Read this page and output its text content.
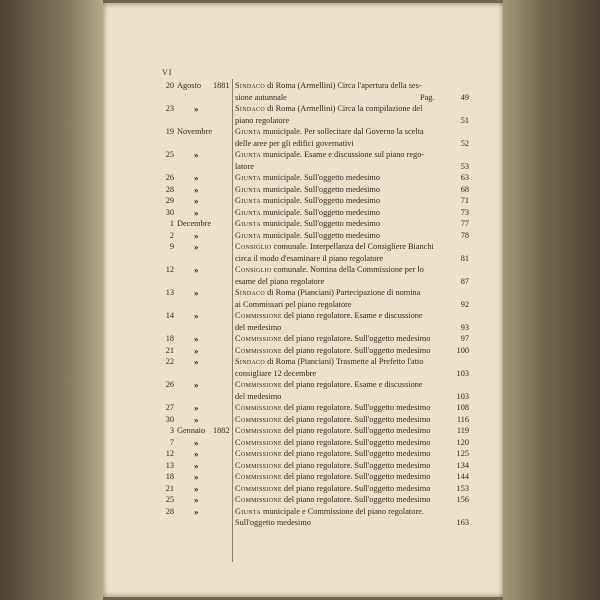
VI
20 Agosto 1881 Sindaco di Roma (Armellini) Circa l'apertura della ses-
sione autunnale	Pag.	49
23 »	Sindaco di Roma (Armellini) Circa la compilazione del
piano regolatore	51
19 Novembre	Giunta municipale. Per sollecitare dal Governo la scelta
delle aree per gli edifici governativi	52
25 »	Giunta municipale. Esame e discussione sul piano rego-
latore	53
26 »	Giunta municipale. Sull'oggetto medesimo	63
28 »	Giunta municipale. Sull'oggetto medesimo	68
29 »	Giunta municipale. Sull'oggetto medesimo	71
30 »	Giunta municipale. Sull'oggetto medesimo	73
1 Decembre	Giunta municipale. Sull'oggetto medesimo	77
2 »	Giunta municipale. Sull'oggetto medesimo	78
9 »	Consiglio comunale. Interpellanza del Consigliere Bianchi
circa il modo d'esaminare il piano regolatore	81
12 »	Consiglio comunale. Nomina della Commissione per lo
esame del piano regolatore	87
13 »	Sindaco di Roma (Pianciani) Partecipazione di nomina
ai Commissari pel piano regolatore	92
14 »	Commissione del piano regolatore. Esame e discussione
del medesimo	93
18 »	Commissione del piano regolatore. Sull'oggetto medesimo	97
21 »	Commissione del piano regolatore. Sull'oggetto medesimo	100
22 »	Sindaco di Roma (Pianciani) Trasmette al Prefetto l'atto
consigliare 12 decembre	103
26 »	Commissione del piano regolatore. Esame e discussione
del medesimo	103
27 »	Commissione del piano regolatore. Sull'oggetto medesimo	108
30 »	Commissione del piano regolatore. Sull'oggetto medesimo	116
3 Gennaio 1882 Commissione del piano regolatore. Sull'oggetto medesimo	119
7 »	Commissione del piano regolatore. Sull'oggetto medesimo	120
12 »	Commissione del piano regolatore. Sull'oggetto medesimo	125
13 »	Commissione del piano regolatore. Sull'oggetto medesimo	134
18 »	Commissione del piano regolatore. Sull'oggetto medesimo	144
21 »	Commissione del piano regolatore. Sull'oggetto medesimo	153
25 »	Commissione del piano regolatore. Sull'oggetto medesimo	156
28 »	Giunta municipale e Commissione del piano regolatore.
Sull'oggetto medesimo	163
